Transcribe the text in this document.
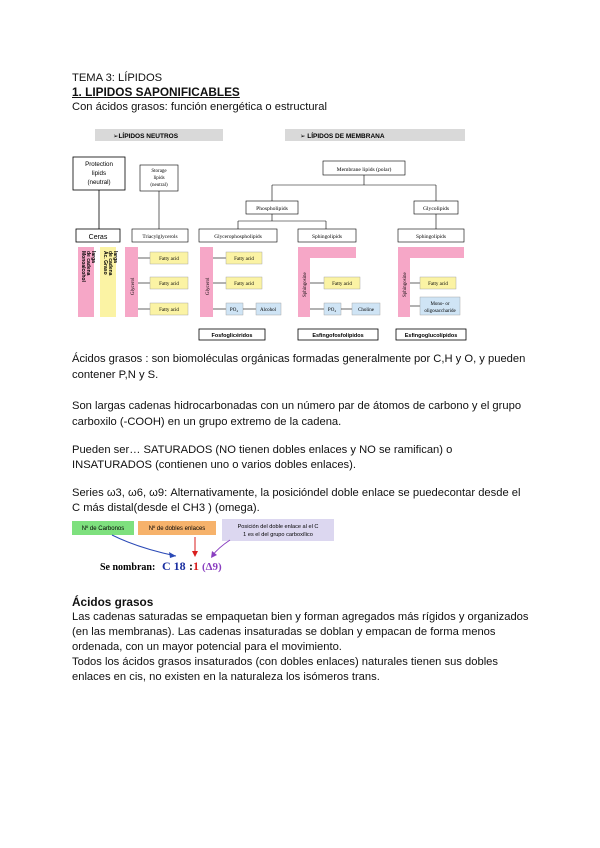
TEMA 3: LÍPIDOS

1. LIPIDOS SAPONIFICABLES

Con ácidos grasos: función energética o estructural

➢LÍPIDOS NEUTROS	➢ LÍPIDOS DE MEMBRANA
Protection
lipids
(neutral)
Storage
lipids
(neutral)
Membrane lipids (polar)
Phospholipids	Glycolipids
Ceras	Triacylglycerols	Glycerophospholipids	Sphingolipids	Sphingolipids
Monoalcohol de cadena larga Ác. Graso de cadena larga
Glycerol
Fatty acid
Fatty acid
Fatty acid
Glycerol
Fatty acid
Fatty acid
PO₄	Alcohol
Sphingosine	Fatty acid
PO₄	Choline
Sphingosine	Fatty acid
Mono- or
oligosaccharide
Fosfoglicéridos	Esfingofosfolípidos	Esfingoglucolípidos

Ácidos grasos : son biomoléculas orgánicas formadas generalmente por C,H y O, y pueden

contener P,N y S.

Son largas cadenas hidrocarbonadas con un número par de átomos de carbono y el grupo

carboxilo (-COOH) en un grupo extremo de la cadena.

Pueden ser… SATURADOS (NO tienen dobles enlaces y NO se ramifican) o

INSATURADOS (contienen uno o varios dobles enlaces).

Series ω3, ω6, ω9: Alternativamente, la posicióndel doble enlace se puedecontar desde el

C más distal(desde el CH3 ) (omega).

Nº de Carbonos	Nº de dobles enlaces	Posición del doble enlace al el C
1 es el del grupo carboxílico
Se nombran: C 18 : 1 (Δ9)

Ácidos grasos

Las cadenas saturadas se empaquetan bien y forman agregados más rígidos y organizados

(en las membranas). Las cadenas insaturadas se doblan y empacan de forma menos

ordenada, con un mayor potencial para el movimiento.

Todos los ácidos grasos insaturados (con dobles enlaces) naturales tienen sus dobles

enlaces en cis, no existen en la naturaleza los isómeros trans.
